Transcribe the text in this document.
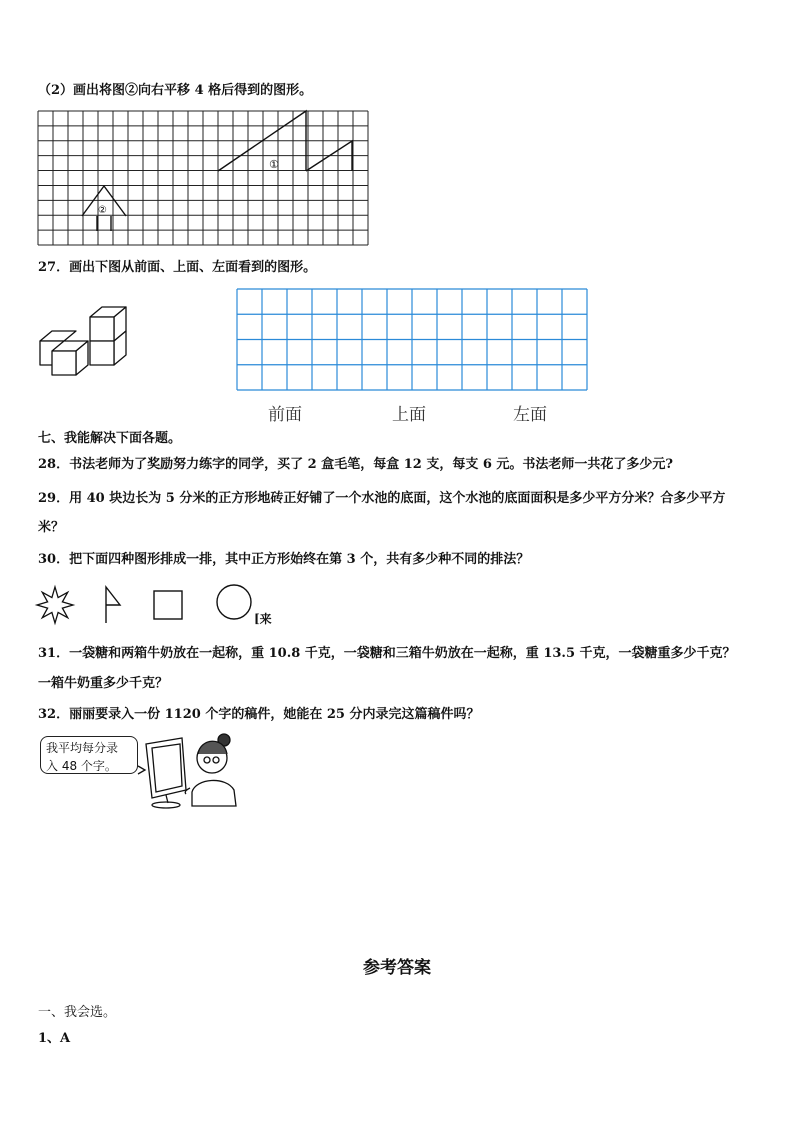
（2）画出将图②向右平移 4 格后得到的图形。
①
②
27．画出下图从前面、上面、左面看到的图形。
前面	上面	左面
七、我能解决下面各题。
28．书法老师为了奖励努力练字的同学，买了 2 盒毛笔，每盒 12 支，每支 6 元。书法老师一共花了多少元?
29．用 40 块边长为 5 分米的正方形地砖正好铺了一个水池的底面，这个水池的底面面积是多少平方分米？合多少平方
米？
30．把下面四种图形排成一排，其中正方形始终在第 3 个，共有多少种不同的排法？
[来
31．一袋糖和两箱牛奶放在一起称，重 10.8 千克，一袋糖和三箱牛奶放在一起称，重 13.5 千克，一袋糖重多少千克？
一箱牛奶重多少千克？
32．丽丽要录入一份 1120 个字的稿件，她能在 25 分内录完这篇稿件吗？
我平均每分录
入 48 个字。
参考答案
一、我会选。
1、A
